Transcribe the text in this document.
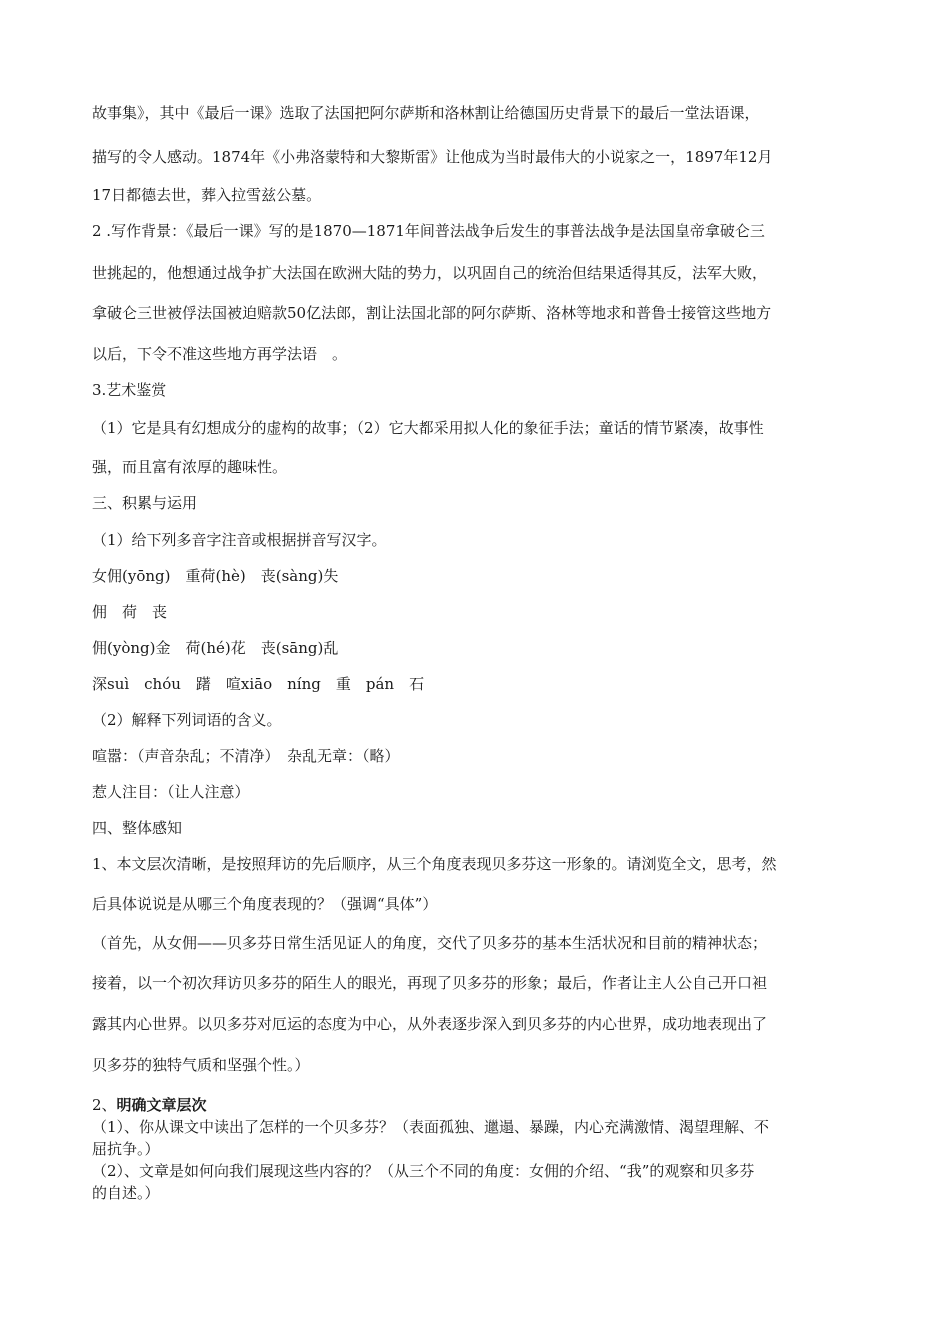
故事集》，其中《最后一课》选取了法国把阿尔萨斯和洛林割让给德国历史背景下的最后一堂法语课，
描写的令人感动。1874年《小弗洛蒙特和大黎斯雷》让他成为当时最伟大的小说家之一，1897年12月
17日都德去世，葬入拉雪兹公墓。
2 .写作背景：《最后一课》写的是1870—1871年间普法战争后发生的事普法战争是法国皇帝拿破仑三
世挑起的，他想通过战争扩大法国在欧洲大陆的势力，以巩固自己的统治但结果适得其反，法军大败，
拿破仑三世被俘法国被迫赔款50亿法郎，割让法国北部的阿尔萨斯、洛林等地求和普鲁士接管这些地方
以后，下令不准这些地方再学法语　。
3.艺术鉴赏
（1）它是具有幻想成分的虚构的故事；（2）它大都采用拟人化的象征手法；童话的情节紧凑，故事性
强，而且富有浓厚的趣味性。
三、积累与运用
（1）给下列多音字注音或根据拼音写汉字。
女佣(yōng)　重荷(hè)　丧(sàng)失
佣　荷　丧
佣(yòng)金　荷(hé)花　丧(sāng)乱
深suì　chóu　躇　喧xiāo　níng　重　pán　石
（2）解释下列词语的含义。
喧嚣：（声音杂乱；不清净）　杂乱无章：（略）
惹人注目：（让人注意）
四、整体感知
1、本文层次清晰，是按照拜访的先后顺序，从三个角度表现贝多芬这一形象的。请浏览全文，思考，然
后具体说说是从哪三个角度表现的？（强调“具体”）
（首先，从女佣——贝多芬日常生活见证人的角度，交代了贝多芬的基本生活状况和目前的精神状态；
接着，以一个初次拜访贝多芬的陌生人的眼光，再现了贝多芬的形象；最后，作者让主人公自己开口袒
露其内心世界。以贝多芬对厄运的态度为中心，从外表逐步深入到贝多芬的内心世界，成功地表现出了
贝多芬的独特气质和坚强个性。）
2、明确文章层次
（1）、你从课文中读出了怎样的一个贝多芬？（表面孤独、邋遢、暴躁，内心充满激情、渴望理解、不
屈抗争。）
（2）、文章是如何向我们展现这些内容的？（从三个不同的角度：女佣的介绍、“我”的观察和贝多芬
的自述。）
